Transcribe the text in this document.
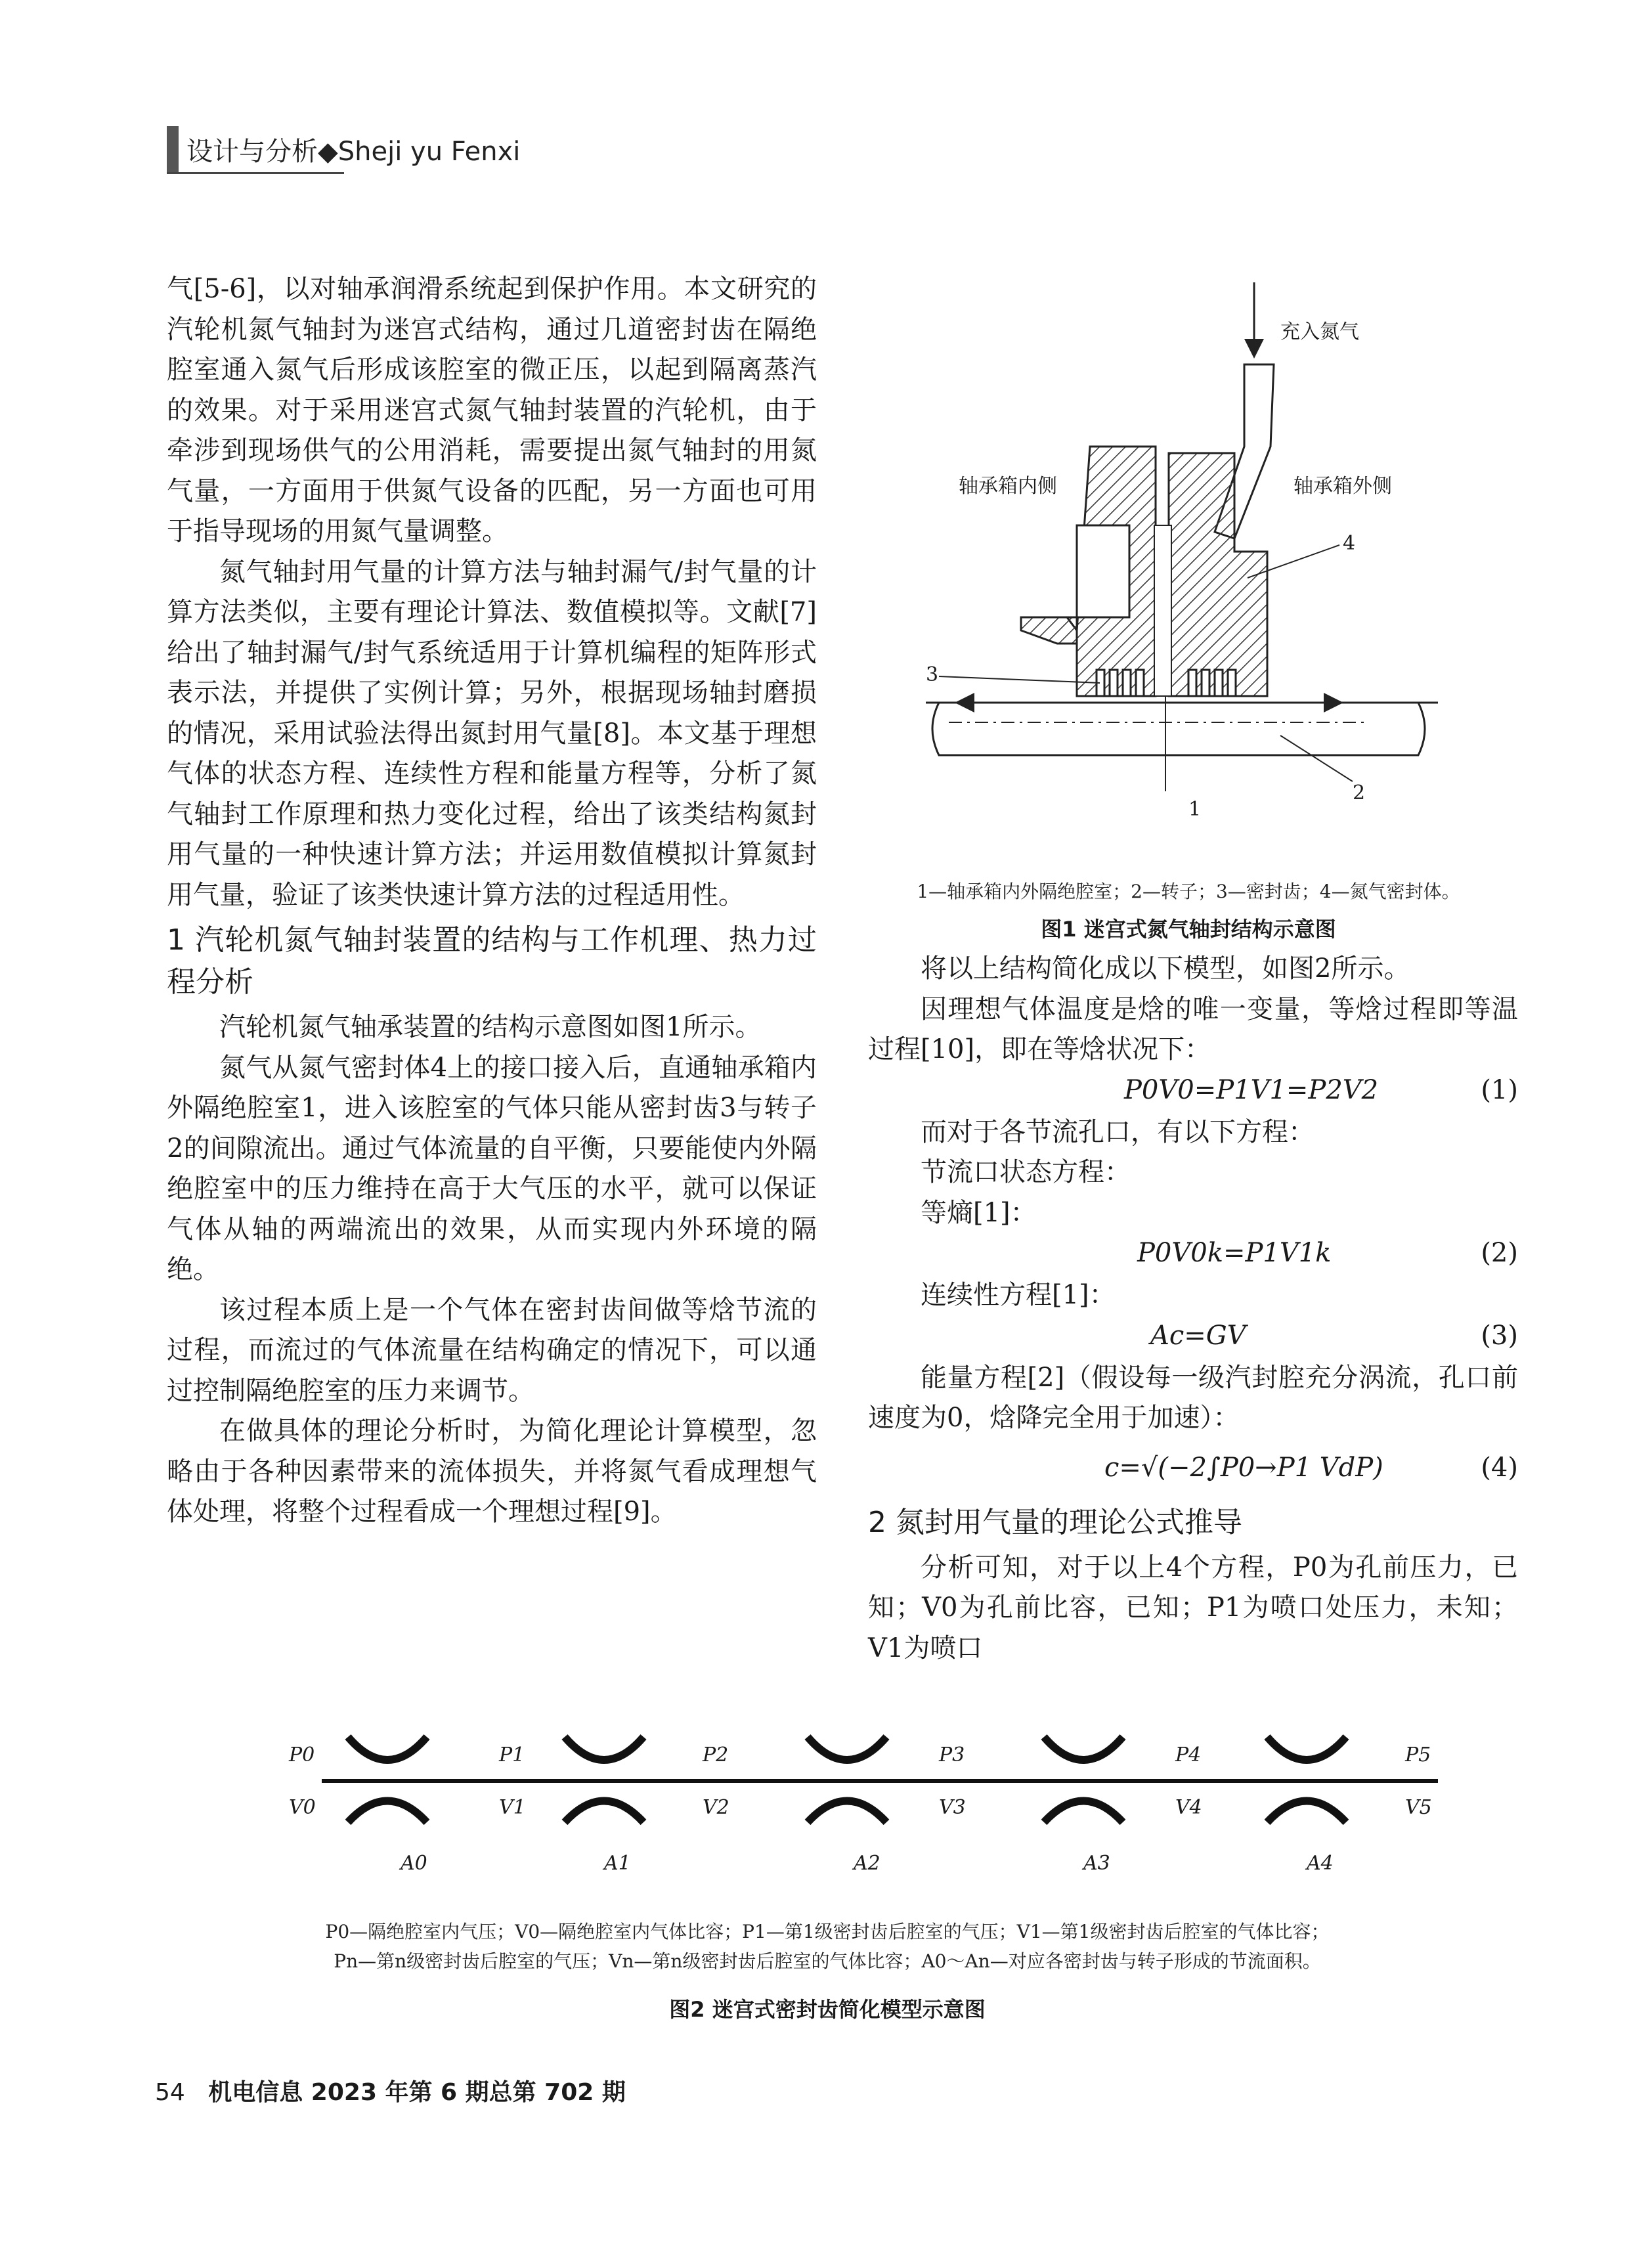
设计与分析◆Sheji yu Fenxi

气[5-6]，以对轴承润滑系统起到保护作用。本文研究的汽轮机氮气轴封为迷宫式结构，通过几道密封齿在隔绝腔室通入氮气后形成该腔室的微正压，以起到隔离蒸汽的效果。对于采用迷宫式氮气轴封装置的汽轮机，由于牵涉到现场供气的公用消耗，需要提出氮气轴封的用氮气量，一方面用于供氮气设备的匹配，另一方面也可用于指导现场的用氮气量调整。

氮气轴封用气量的计算方法与轴封漏气/封气量的计算方法类似，主要有理论计算法、数值模拟等。文献[7]给出了轴封漏气/封气系统适用于计算机编程的矩阵形式表示法，并提供了实例计算；另外，根据现场轴封磨损的情况，采用试验法得出氮封用气量[8]。本文基于理想气体的状态方程、连续性方程和能量方程等，分析了氮气轴封工作原理和热力变化过程，给出了该类结构氮封用气量的一种快速计算方法；并运用数值模拟计算氮封用气量，验证了该类快速计算方法的过程适用性。

1 汽轮机氮气轴封装置的结构与工作机理、热力过程分析

汽轮机氮气轴承装置的结构示意图如图1所示。

氮气从氮气密封体4上的接口接入后，直通轴承箱内外隔绝腔室1，进入该腔室的气体只能从密封齿3与转子2的间隙流出。通过气体流量的自平衡，只要能使内外隔绝腔室中的压力维持在高于大气压的水平，就可以保证气体从轴的两端流出的效果，从而实现内外环境的隔绝。

该过程本质上是一个气体在密封齿间做等焓节流的过程，而流过的气体流量在结构确定的情况下，可以通过控制隔绝腔室的压力来调节。

在做具体的理论分析时，为简化理论计算模型，忽略由于各种因素带来的流体损失，并将氮气看成理想气体处理，将整个过程看成一个理想过程[9]。

充入氮气
轴承箱内侧	轴承箱外侧
4
3
2
1
1—轴承箱内外隔绝腔室；2—转子；3—密封齿；4—氮气密封体。
图1 迷宫式氮气轴封结构示意图

将以上结构简化成以下模型，如图2所示。

因理想气体温度是焓的唯一变量，等焓过程即等温过程[10]，即在等焓状况下：

P0V0=P1V1=P2V2	(1)

而对于各节流孔口，有以下方程：

节流口状态方程：

等熵[1]：

P0V0k=P1V1k	(2)

连续性方程[1]：

Ac=GV	(3)

能量方程[2]（假设每一级汽封腔充分涡流，孔口前速度为0，焓降完全用于加速）：

c=√(−2∫P0→P1 VdP)	(4)
2 氮封用气量的理论公式推导

分析可知，对于以上4个方程，P0为孔前压力，已知；V0为孔前比容，已知；P1为喷口处压力，未知；V1为喷口

P0	P1	P2	P3	P4	P5
V0	V1	V2	V3	V4	V5
A0	A1	A2	A3	A4
P0—隔绝腔室内气压；V0—隔绝腔室内气体比容；P1—第1级密封齿后腔室的气压；V1—第1级密封齿后腔室的气体比容；
Pn—第n级密封齿后腔室的气压；Vn—第n级密封齿后腔室的气体比容；A0～An—对应各密封齿与转子形成的节流面积。
图2 迷宫式密封齿简化模型示意图
54 机电信息 2023 年第 6 期总第 702 期
